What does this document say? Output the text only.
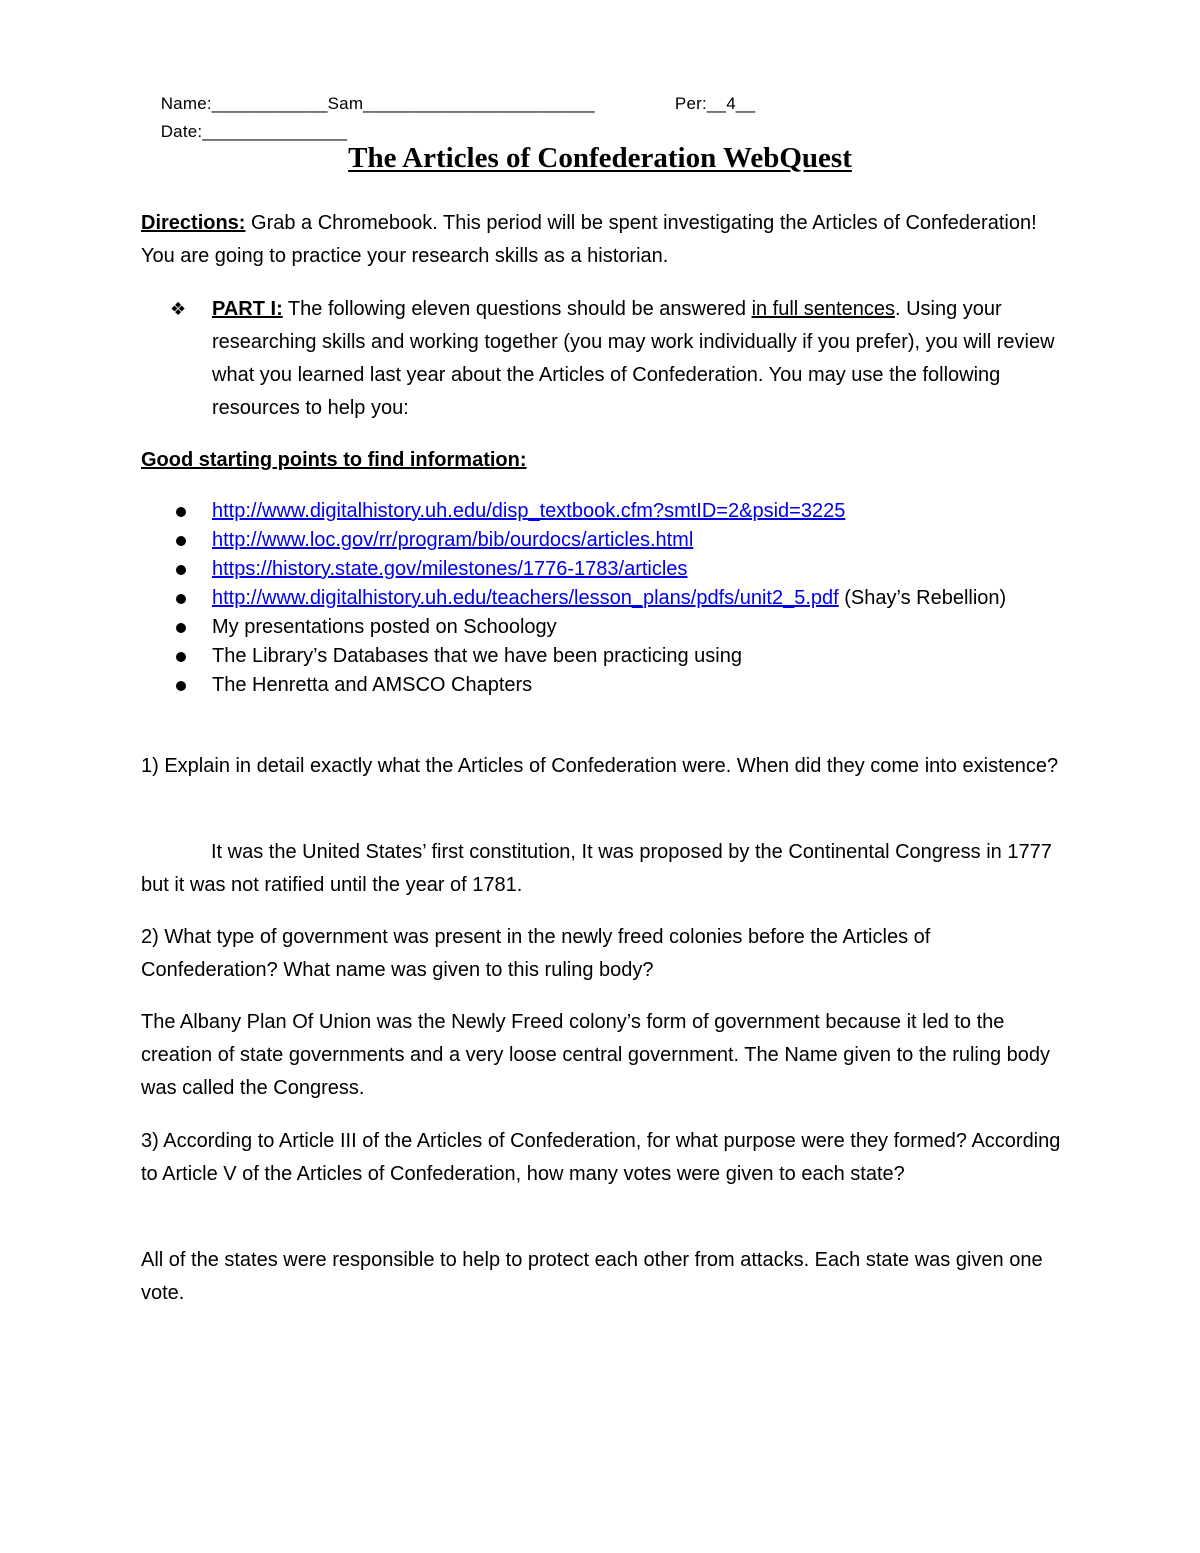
Name:____________Sam________________________	Per:__4__

Date:_______________

The Articles of Confederation WebQuest
Directions: Grab a Chromebook. This period will be spent investigating the Articles of Confederation! You are going to practice your research skills as a historian.
❖ PART I: The following eleven questions should be answered in full sentences. Using your researching skills and working together (you may work individually if you prefer), you will review what you learned last year about the Articles of Confederation. You may use the following resources to help you:
Good starting points to find information:
http://www.digitalhistory.uh.edu/disp_textbook.cfm?smtID=2&psid=3225
http://www.loc.gov/rr/program/bib/ourdocs/articles.html
https://history.state.gov/milestones/1776-1783/articles
http://www.digitalhistory.uh.edu/teachers/lesson_plans/pdfs/unit2_5.pdf (Shay’s Rebellion)
My presentations posted on Schoology
The Library’s Databases that we have been practicing using
The Henretta and AMSCO Chapters
1) Explain in detail exactly what the Articles of Confederation were. When did they come into existence?
It was the United States’ first constitution, It was proposed by the Continental Congress in 1777 but it was not ratified until the year of 1781.
2) What type of government was present in the newly freed colonies before the Articles of Confederation? What name was given to this ruling body?
The Albany Plan Of Union was the Newly Freed colony’s form of government because it led to the creation of state governments and a very loose central government. The Name given to the ruling body was called the Congress.
3) According to Article III of the Articles of Confederation, for what purpose were they formed? According to Article V of the Articles of Confederation, how many votes were given to each state?
All of the states were responsible to help to protect each other from attacks. Each state was given one vote.
